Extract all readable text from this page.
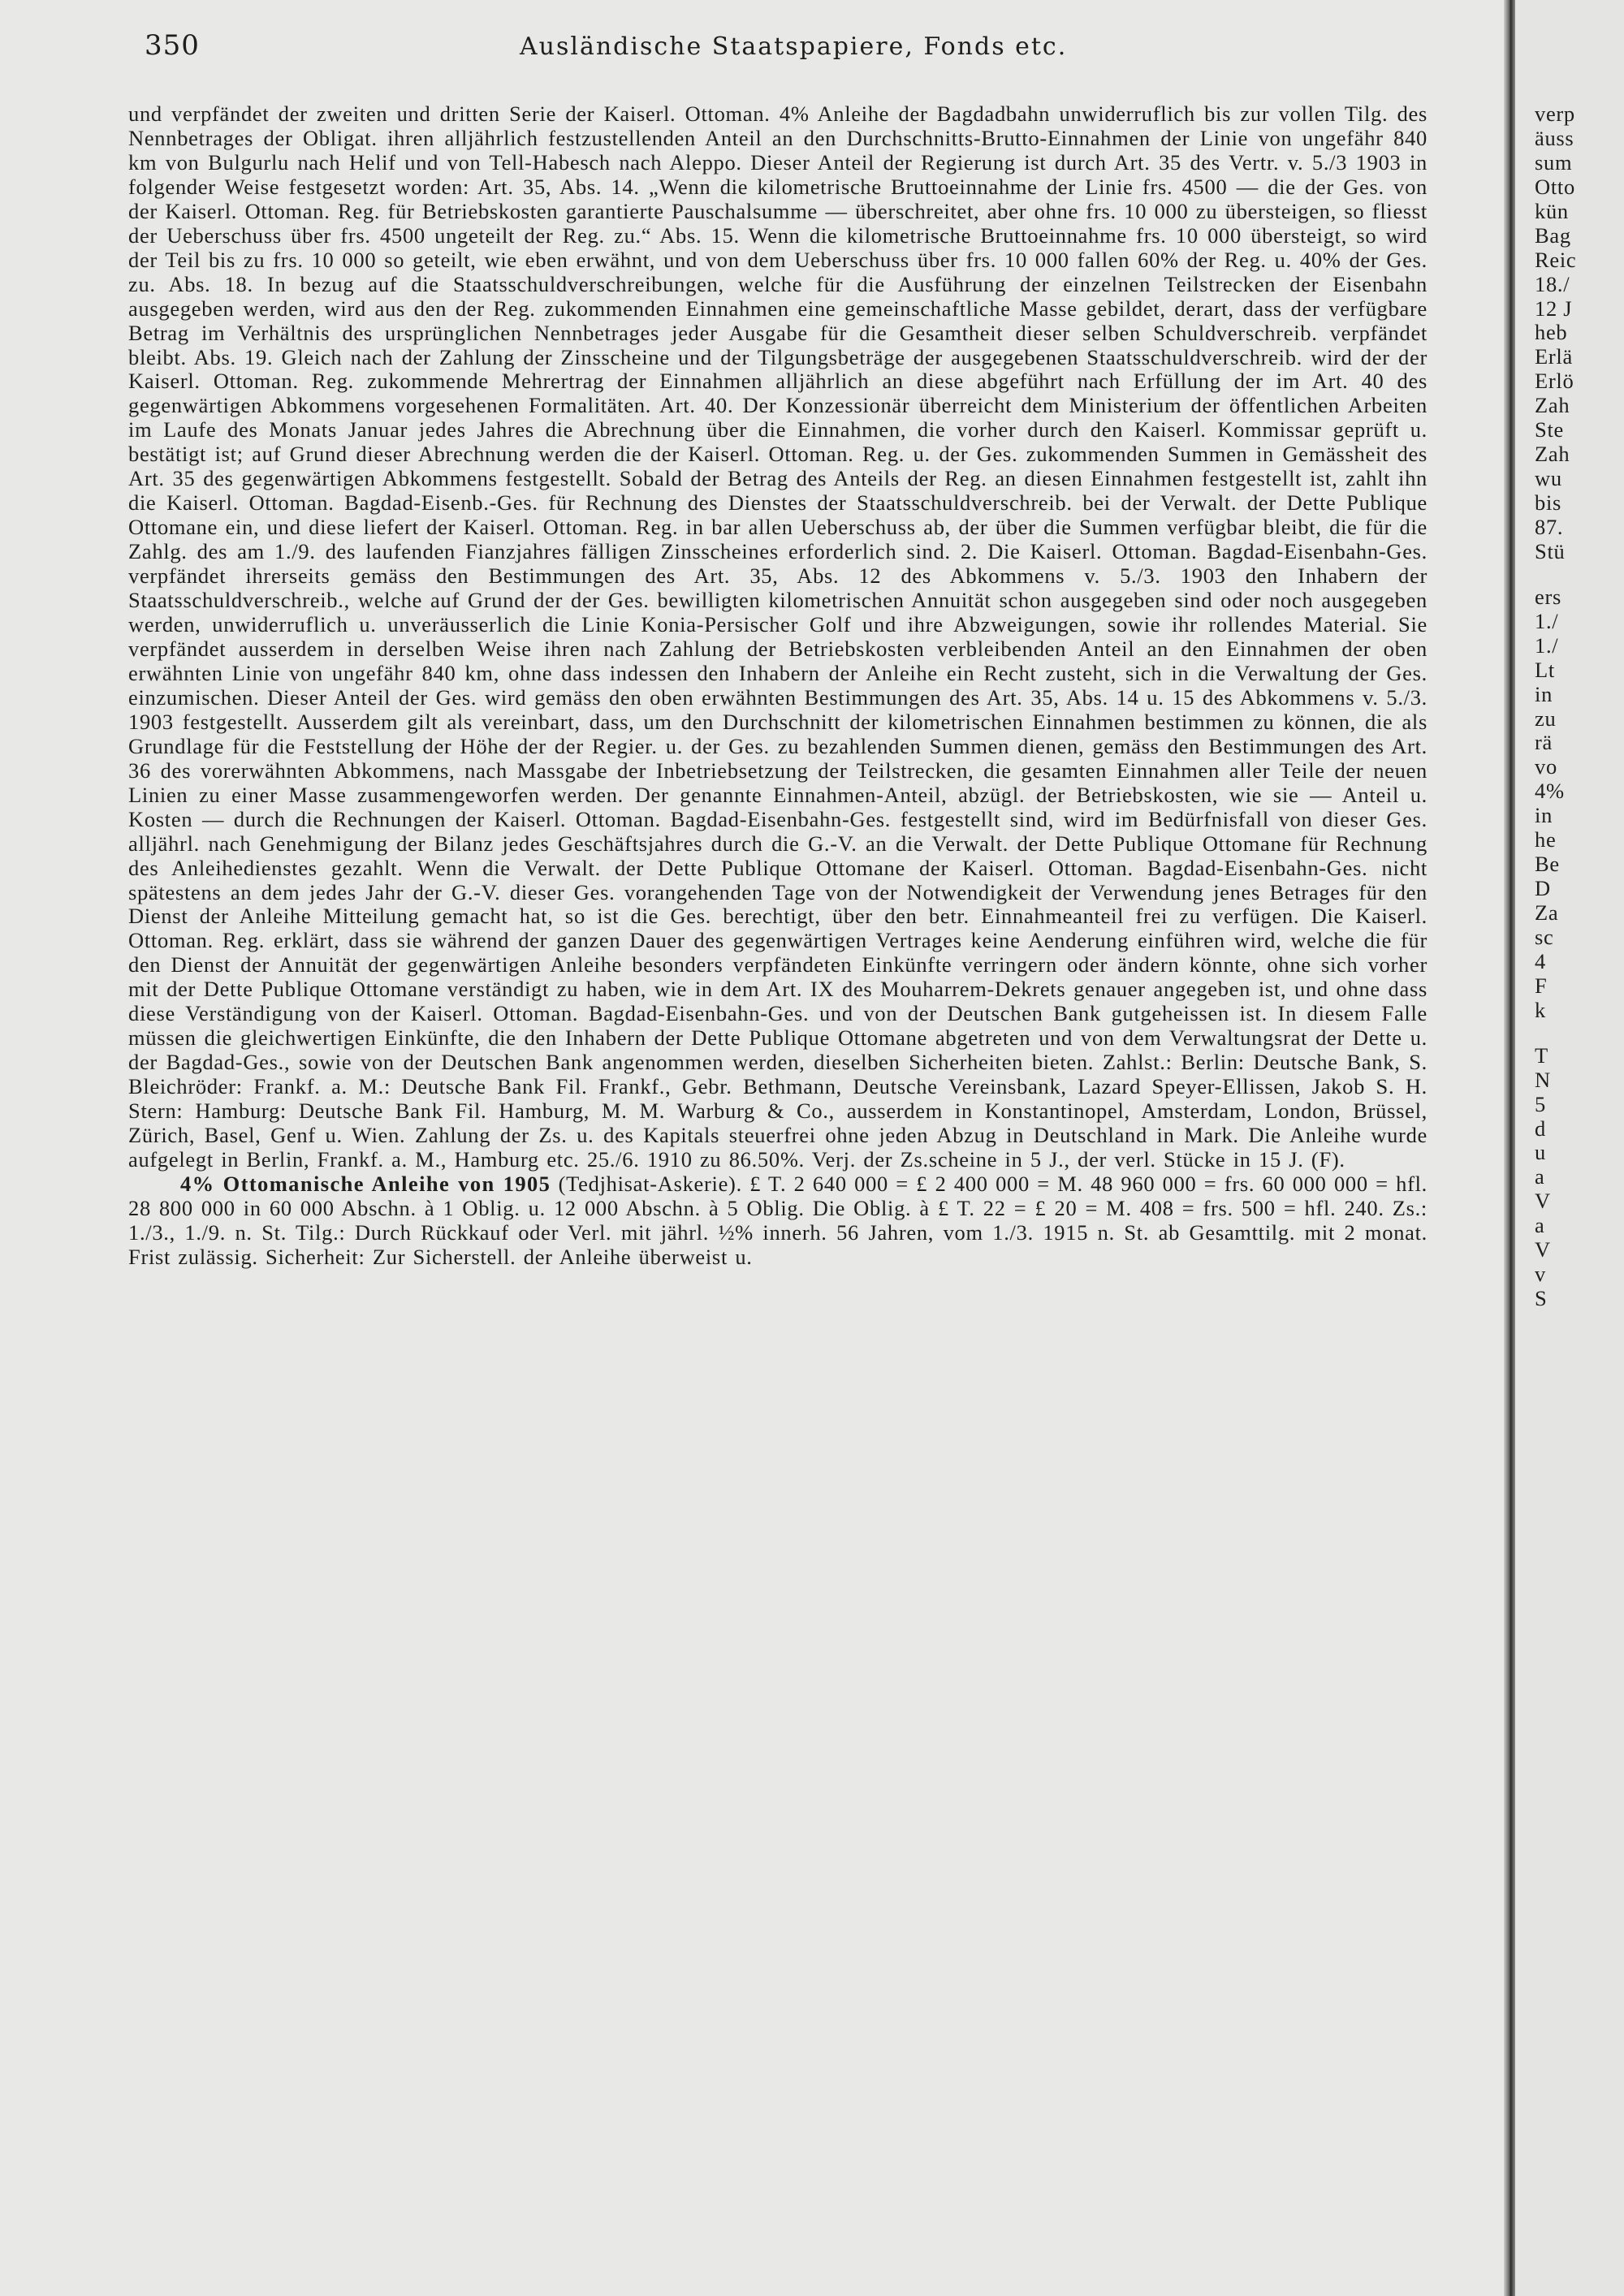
350	Ausländische Staatspapiere, Fonds etc.

und verpfändet der zweiten und dritten Serie der Kaiserl. Ottoman. 4% Anleihe der Bagdadbahn unwiderruflich bis zur vollen Tilg. des Nennbetrages der Obligat. ihren alljährlich festzustellenden Anteil an den Durchschnitts-Brutto-Einnahmen der Linie von ungefähr 840 km von Bulgurlu nach Helif und von Tell-Habesch nach Aleppo. Dieser Anteil der Regierung ist durch Art. 35 des Vertr. v. 5./3 1903 in folgender Weise festgesetzt worden: Art. 35, Abs. 14. „Wenn die kilometrische Bruttoeinnahme der Linie frs. 4500 — die der Ges. von der Kaiserl. Ottoman. Reg. für Betriebskosten garantierte Pauschalsumme — überschreitet, aber ohne frs. 10 000 zu übersteigen, so fliesst der Ueberschuss über frs. 4500 ungeteilt der Reg. zu.“ Abs. 15. Wenn die kilometrische Bruttoeinnahme frs. 10 000 übersteigt, so wird der Teil bis zu frs. 10 000 so geteilt, wie eben erwähnt, und von dem Ueberschuss über frs. 10 000 fallen 60% der Reg. u. 40% der Ges. zu. Abs. 18. In bezug auf die Staatsschuldverschreibungen, welche für die Ausführung der einzelnen Teilstrecken der Eisenbahn ausgegeben werden, wird aus den der Reg. zukommenden Einnahmen eine gemeinschaftliche Masse gebildet, derart, dass der verfügbare Betrag im Verhältnis des ursprünglichen Nennbetrages jeder Ausgabe für die Gesamtheit dieser selben Schuldverschreib. verpfändet bleibt. Abs. 19. Gleich nach der Zahlung der Zinsscheine und der Tilgungsbeträge der ausgegebenen Staatsschuldverschreib. wird der der Kaiserl. Ottoman. Reg. zukommende Mehrertrag der Einnahmen alljährlich an diese abgeführt nach Erfüllung der im Art. 40 des gegenwärtigen Abkommens vorgesehenen Formalitäten. Art. 40. Der Konzessionär überreicht dem Ministerium der öffentlichen Arbeiten im Laufe des Monats Januar jedes Jahres die Abrechnung über die Einnahmen, die vorher durch den Kaiserl. Kommissar geprüft u. bestätigt ist; auf Grund dieser Abrechnung werden die der Kaiserl. Ottoman. Reg. u. der Ges. zukommenden Summen in Gemässheit des Art. 35 des gegenwärtigen Abkommens festgestellt. Sobald der Betrag des Anteils der Reg. an diesen Einnahmen festgestellt ist, zahlt ihn die Kaiserl. Ottoman. Bagdad-Eisenb.-Ges. für Rechnung des Dienstes der Staatsschuldverschreib. bei der Verwalt. der Dette Publique Ottomane ein, und diese liefert der Kaiserl. Ottoman. Reg. in bar allen Ueberschuss ab, der über die Summen verfügbar bleibt, die für die Zahlg. des am 1./9. des laufenden Fianzjahres fälligen Zinsscheines erforderlich sind. 2. Die Kaiserl. Ottoman. Bagdad-Eisenbahn-Ges. verpfändet ihrerseits gemäss den Bestimmungen des Art. 35, Abs. 12 des Abkommens v. 5./3. 1903 den Inhabern der Staatsschuldverschreib., welche auf Grund der der Ges. bewilligten kilometrischen Annuität schon ausgegeben sind oder noch ausgegeben werden, unwiderruflich u. unveräusserlich die Linie Konia-Persischer Golf und ihre Abzweigungen, sowie ihr rollendes Material. Sie verpfändet ausserdem in derselben Weise ihren nach Zahlung der Betriebskosten verbleibenden Anteil an den Einnahmen der oben erwähnten Linie von ungefähr 840 km, ohne dass indessen den Inhabern der Anleihe ein Recht zusteht, sich in die Verwaltung der Ges. einzumischen. Dieser Anteil der Ges. wird gemäss den oben erwähnten Bestimmungen des Art. 35, Abs. 14 u. 15 des Abkommens v. 5./3. 1903 festgestellt. Ausserdem gilt als vereinbart, dass, um den Durchschnitt der kilometrischen Einnahmen bestimmen zu können, die als Grundlage für die Feststellung der Höhe der der Regier. u. der Ges. zu bezahlenden Summen dienen, gemäss den Bestimmungen des Art. 36 des vorerwähnten Abkommens, nach Massgabe der Inbetriebsetzung der Teilstrecken, die gesamten Einnahmen aller Teile der neuen Linien zu einer Masse zusammengeworfen werden. Der genannte Einnahmen-Anteil, abzügl. der Betriebskosten, wie sie — Anteil u. Kosten — durch die Rechnungen der Kaiserl. Ottoman. Bagdad-Eisenbahn-Ges. festgestellt sind, wird im Bedürfnisfall von dieser Ges. alljährl. nach Genehmigung der Bilanz jedes Geschäftsjahres durch die G.-V. an die Verwalt. der Dette Publique Ottomane für Rechnung des Anleihedienstes gezahlt. Wenn die Verwalt. der Dette Publique Ottomane der Kaiserl. Ottoman. Bagdad-Eisenbahn-Ges. nicht spätestens an dem jedes Jahr der G.-V. dieser Ges. vorangehenden Tage von der Notwendigkeit der Verwendung jenes Betrages für den Dienst der Anleihe Mitteilung gemacht hat, so ist die Ges. berechtigt, über den betr. Einnahmeanteil frei zu verfügen. Die Kaiserl. Ottoman. Reg. erklärt, dass sie während der ganzen Dauer des gegenwärtigen Vertrages keine Aenderung einführen wird, welche die für den Dienst der Annuität der gegenwärtigen Anleihe besonders verpfändeten Einkünfte verringern oder ändern könnte, ohne sich vorher mit der Dette Publique Ottomane verständigt zu haben, wie in dem Art. IX des Mouharrem-Dekrets genauer angegeben ist, und ohne dass diese Verständigung von der Kaiserl. Ottoman. Bagdad-Eisenbahn-Ges. und von der Deutschen Bank gutgeheissen ist. In diesem Falle müssen die gleichwertigen Einkünfte, die den Inhabern der Dette Publique Ottomane abgetreten und von dem Verwaltungsrat der Dette u. der Bagdad-Ges., sowie von der Deutschen Bank angenommen werden, dieselben Sicherheiten bieten. Zahlst.: Berlin: Deutsche Bank, S. Bleichröder: Frankf. a. M.: Deutsche Bank Fil. Frankf., Gebr. Bethmann, Deutsche Vereinsbank, Lazard Speyer-Ellissen, Jakob S. H. Stern: Hamburg: Deutsche Bank Fil. Hamburg, M. M. Warburg & Co., ausserdem in Konstantinopel, Amsterdam, London, Brüssel, Zürich, Basel, Genf u. Wien. Zahlung der Zs. u. des Kapitals steuerfrei ohne jeden Abzug in Deutschland in Mark. Die Anleihe wurde aufgelegt in Berlin, Frankf. a. M., Hamburg etc. 25./6. 1910 zu 86.50%. Verj. der Zs.scheine in 5 J., der verl. Stücke in 15 J. (F).

4% Ottomanische Anleihe von 1905 (Tedjhisat-Askerie). £ T. 2 640 000 = £ 2 400 000 = M. 48 960 000 = frs. 60 000 000 = hfl. 28 800 000 in 60 000 Abschn. à 1 Oblig. u. 12 000 Abschn. à 5 Oblig. Die Oblig. à £ T. 22 = £ 20 = M. 408 = frs. 500 = hfl. 240. Zs.: 1./3., 1./9. n. St. Tilg.: Durch Rückkauf oder Verl. mit jährl. ½% innerh. 56 Jahren, vom 1./3. 1915 n. St. ab Gesamttilg. mit 2 monat. Frist zulässig. Sicherheit: Zur Sicherstell. der Anleihe überweist u.

verp
äuss
sum
Otto
kün
Bag
Reic
18./
12 J
heb
Erlä
Erlö
Zah
Ste
Zah
wu
bis
87.
Stü
ers
1./
1./
Lt
in
zu
rä
vo
4%
in
he
Be
D
Za
sc
4
F
k
T
N
5
d
u
a
V
a
V
v
S
